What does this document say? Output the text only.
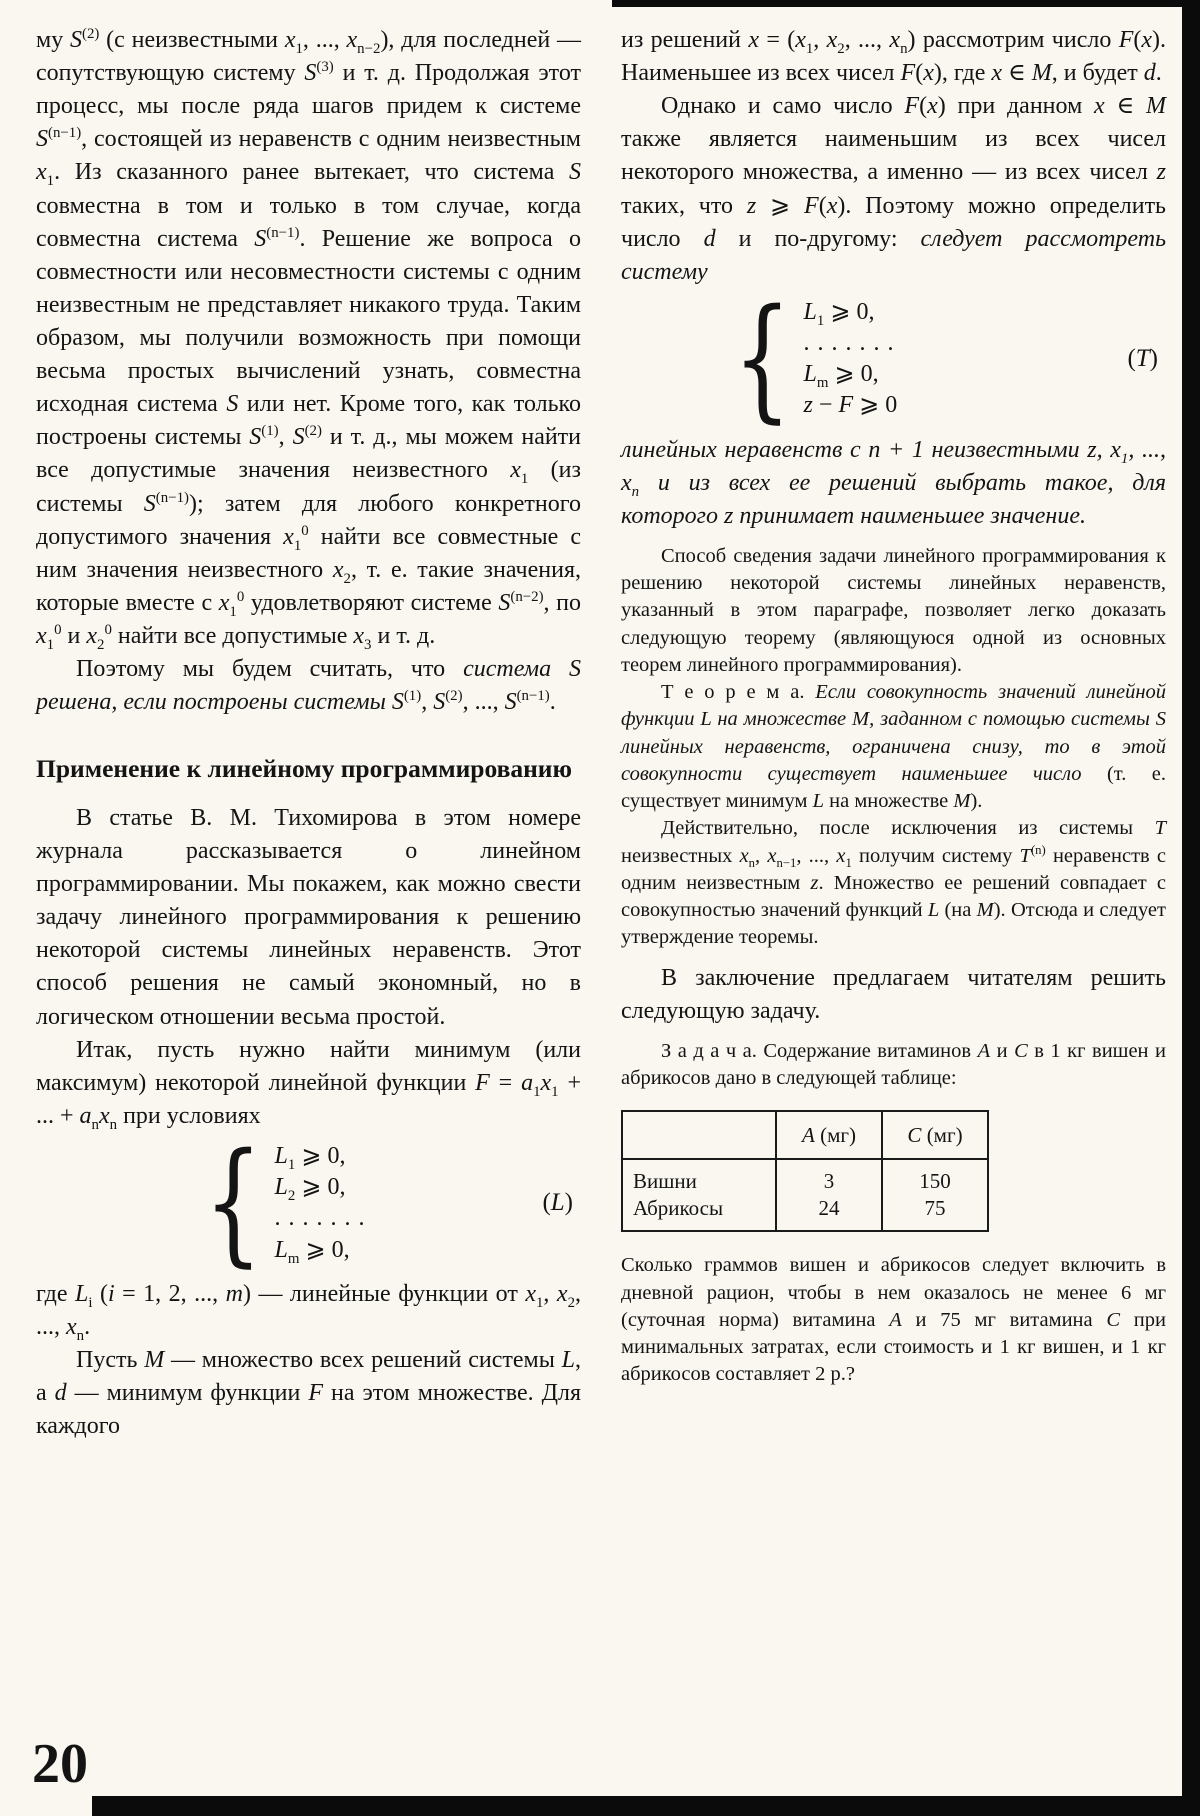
му $S^{(2)}$ (с неизвестными $x_1$, ..., $x_{n-2}$), для последней — сопутствующую систему $S^{(3)}$ и т. д. Продолжая этот процесс, мы после ряда шагов придем к системе $S^{(n-1)}$, состоящей из неравенств с одним неизвестным $x_1$. Из сказанного ранее вытекает, что система S совместна в том и только в том случае, когда совместна система $S^{(n-1)}$. Решение же вопроса о совместности или несовместности системы с одним неизвестным не представляет никакого труда. Таким образом, мы получили возможность при помощи весьма простых вычислений узнать, совместна исходная система S или нет. Кроме того, как только построены системы $S^{(1)}$, $S^{(2)}$ и т. д., мы можем найти все допустимые значения неизвестного $x_1$ (из системы $S^{(n-1)}$); затем для любого конкретного допустимого значения $x_1^0$ найти все совместные с ним значения неизвестного $x_2$, т. е. такие значения, которые вместе с $x_1^0$ удовлетворяют системе $S^{(n-2)}$, по $x_1^0$ и $x_2^0$ найти все допустимые $x_3$ и т. д.

Поэтому мы будем считать, что система S решена, если построены системы $S^{(1)}$, $S^{(2)}$, ..., $S^{(n-1)}$.

Применение к линейному программированию

В статье В. М. Тихомирова в этом номере журнала рассказывается о линейном программировании. Мы покажем, как можно свести задачу линейного программирования к решению некоторой системы линейных неравенств. Этот способ решения не самый экономный, но в логическом отношении весьма простой.

Итак, пусть нужно найти минимум (или максимум) некоторой линейной функции $F = a_1x_1$ + ... + $a_nx_n$ при условиях

{ $L_1$ ⩾ 0,
$L_2$ ⩾ 0,
. . . . . . .
$L_m$ ⩾ 0,
(L)

где $L_i$ (i = 1, 2, ..., m) — линейные функции от $x_1$, $x_2$, ..., $x_n$.

Пусть M — множество всех решений системы L, а d — минимум функции F на этом множестве. Для каждого

из решений $x = (x_1$, $x_2$, ..., $x_n$) рассмотрим число F(x). Наименьшее из всех чисел F(x), где x ∈ M, и будет d.

Однако и само число F(x) при данном x ∈ M также является наименьшим из всех чисел некоторого множества, а именно — из всех чисел z таких, что z ⩾ F(x). Поэтому можно определить число d и по-другому: следует рассмотреть систему

{ $L_1$ ⩾ 0,
. . . . . . .
$L_m$ ⩾ 0,
z − F ⩾ 0
(T)

линейных неравенств с n + 1 неизвестными z, $x_1$, ..., $x_n$ и из всех ее решений выбрать такое, для которого z принимает наименьшее значение.

Способ сведения задачи линейного программирования к решению некоторой системы линейных неравенств, указанный в этом параграфе, позволяет легко доказать следующую теорему (являющуюся одной из основных теорем линейного программирования).

Т е о р е м а. Если совокупность значений линейной функции L на множестве M, заданном с помощью системы S линейных неравенств, ограничена снизу, то в этой совокупности существует наименьшее число (т. е. существует минимум L на множестве M).

Действительно, после исключения из системы T неизвестных $x_n$, $x_{n-1}$, ..., $x_1$ получим систему $T^{(n)}$ неравенств с одним неизвестным z. Множество ее решений совпадает с совокупностью значений функций L (на M). Отсюда и следует утверждение теоремы.

В заключение предлагаем читателям решить следующую задачу.

З а д а ч а. Содержание витаминов A и C в 1 кг вишен и абрикосов дано в следующей таблице:

	A (мг)	C (мг)
Вишни	3	150
Абрикосы	24	75

Сколько граммов вишен и абрикосов следует включить в дневной рацион, чтобы в нем оказалось не менее 6 мг (суточная норма) витамина A и 75 мг витамина C при минимальных затратах, если стоимость и 1 кг вишен, и 1 кг абрикосов составляет 2 р.?

20
